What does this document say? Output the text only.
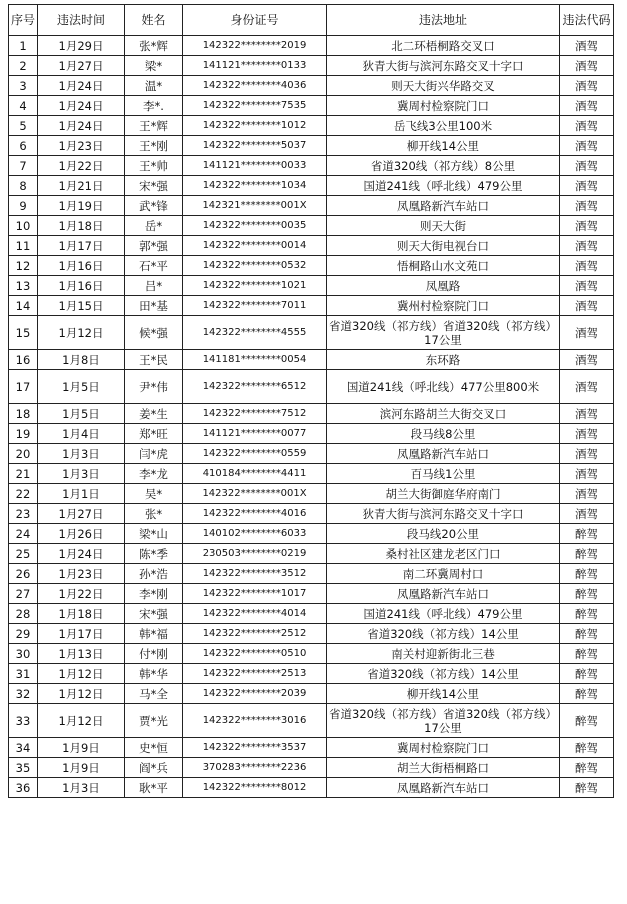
序号	违法时间	姓名	身份证号	违法地址	违法代码
1	1月29日	张*辉	142322********2019	北二环梧桐路交叉口	酒驾
2	1月27日	梁*	141121********0133	狄青大街与滨河东路交叉十字口	酒驾
3	1月24日	温*	142322********4036	则天大街兴华路交叉	酒驾
4	1月24日	李*.	142322********7535	冀周村检察院门口	酒驾
5	1月24日	王*辉	142322********1012	岳飞线3公里100米	酒驾
6	1月23日	王*刚	142322********5037	柳开线14公里	酒驾
7	1月22日	王*帅	141121********0033	省道320线（祁方线）8公里	酒驾
8	1月21日	宋*强	142322********1034	国道241线（呼北线）479公里	酒驾
9	1月19日	武*锋	142321********001X	凤凰路新汽车站口	酒驾
10	1月18日	岳*	142322********0035	则天大街	酒驾
11	1月17日	郭*强	142322********0014	则天大街电视台口	酒驾
12	1月16日	石*平	142322********0532	悟桐路山水文苑口	酒驾
13	1月16日	吕*	142322********1021	凤凰路	酒驾
14	1月15日	田*基	142322********7011	冀州村检察院门口	酒驾
15	1月12日	候*强	142322********4555	省道320线（祁方线）省道320线（祁方线）17公里	酒驾
16	1月8日	王*民	141181********0054	东环路	酒驾
17	1月5日	尹*伟	142322********6512	国道241线（呼北线）477公里800米	酒驾
18	1月5日	姜*生	142322********7512	滨河东路胡兰大街交叉口	酒驾
19	1月4日	郑*旺	141121********0077	段马线8公里	酒驾
20	1月3日	闫*虎	142322********0559	凤凰路新汽车站口	酒驾
21	1月3日	李*龙	410184********4411	百马线1公里	酒驾
22	1月1日	吴*	142322********001X	胡兰大街御庭华府南门	酒驾
23	1月27日	张*	142322********4016	狄青大街与滨河东路交叉十字口	酒驾
24	1月26日	梁*山	140102********6033	段马线20公里	醉驾
25	1月24日	陈*季	230503********0219	桑村社区建龙老区门口	醉驾
26	1月23日	孙*浩	142322********3512	南二环冀周村口	醉驾
27	1月22日	李*刚	142322********1017	凤凰路新汽车站口	醉驾
28	1月18日	宋*强	142322********4014	国道241线（呼北线）479公里	醉驾
29	1月17日	韩*福	142322********2512	省道320线（祁方线）14公里	醉驾
30	1月13日	付*刚	142322********0510	南关村迎新街北三巷	醉驾
31	1月12日	韩*华	142322********2513	省道320线（祁方线）14公里	醉驾
32	1月12日	马*全	142322********2039	柳开线14公里	醉驾
33	1月12日	贾*光	142322********3016	省道320线（祁方线）省道320线（祁方线）17公里	醉驾
34	1月9日	史*恒	142322********3537	冀周村检察院门口	醉驾
35	1月9日	阎*兵	370283********2236	胡兰大街梧桐路口	醉驾
36	1月3日	耿*平	142322********8012	凤凰路新汽车站口	醉驾
